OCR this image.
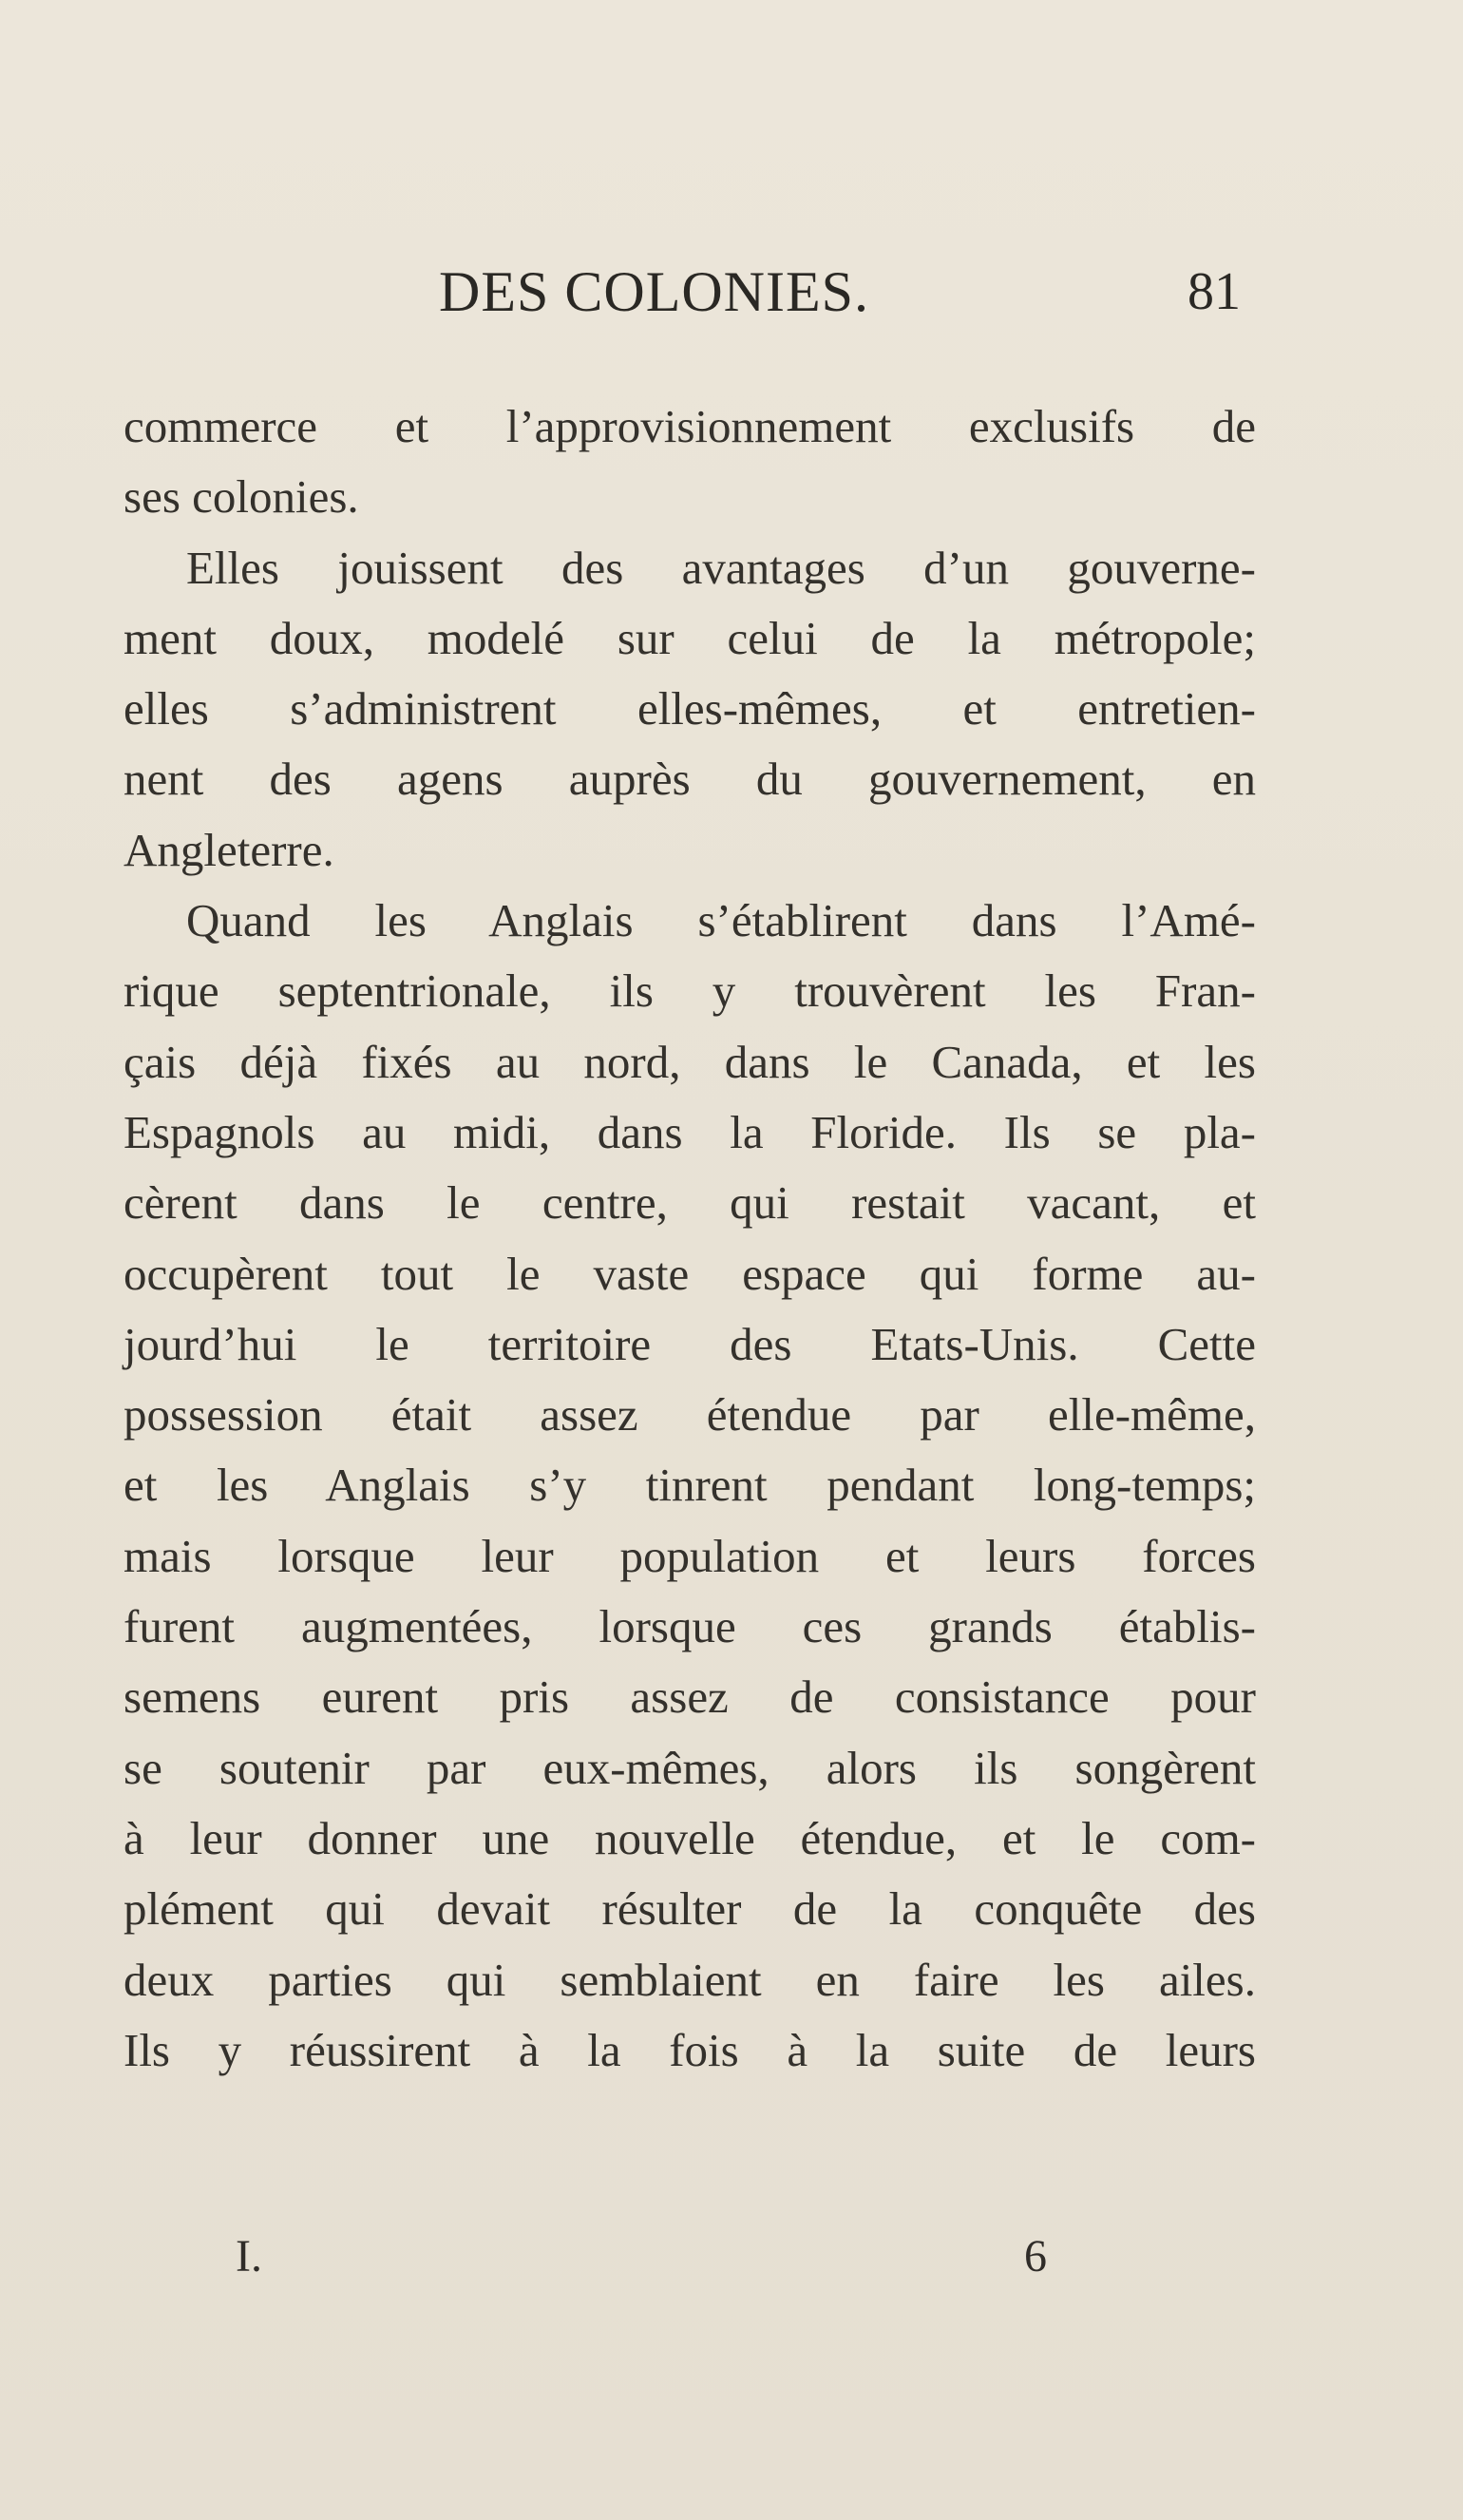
DES COLONIES.	81
commerce et l’approvisionnement exclusifs de
ses colonies.
Elles jouissent des avantages d’un gouverne-
ment doux, modelé sur celui de la métropole;
elles s’administrent elles-mêmes, et entretien-
nent des agens auprès du gouvernement, en
Angleterre.
Quand les Anglais s’établirent dans l’Amé-
rique septentrionale, ils y trouvèrent les Fran-
çais déjà fixés au nord, dans le Canada, et les
Espagnols au midi, dans la Floride. Ils se pla-
cèrent dans le centre, qui restait vacant, et
occupèrent tout le vaste espace qui forme au-
jourd’hui le territoire des Etats-Unis. Cette
possession était assez étendue par elle-même,
et les Anglais s’y tinrent pendant long-temps;
mais lorsque leur population et leurs forces
furent augmentées, lorsque ces grands établis-
semens eurent pris assez de consistance pour
se soutenir par eux-mêmes, alors ils songèrent
à leur donner une nouvelle étendue, et le com-
plément qui devait résulter de la conquête des
deux parties qui semblaient en faire les ailes.
Ils y réussirent à la fois à la suite de leurs
I.	6
